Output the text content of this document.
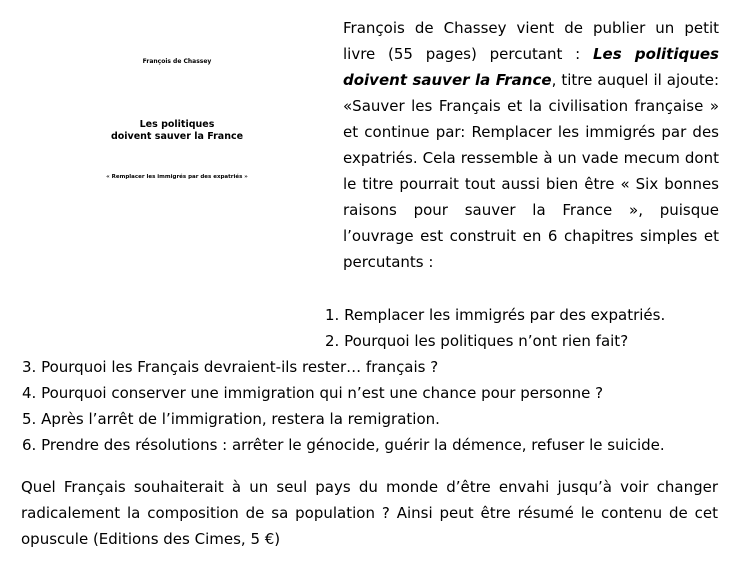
François de Chassey
Les politiques
doivent sauver la France
« Remplacer les immigrés par des expatriés »
François de Chassey vient de publier un petit livre (55 pages) percutant : Les politiques doivent sauver la France, titre auquel il ajoute: «Sauver les Français et la civilisation française » et continue par: Remplacer les immigrés par des expatriés. Cela ressemble à un vade mecum dont le titre pourrait tout aussi bien être « Six bonnes raisons pour sauver la France », puisque l’ouvrage est construit en 6 chapitres simples et percutants :
1. Remplacer les immigrés par des expatriés.
2. Pourquoi les politiques n’ont rien fait?
3. Pourquoi les Français devraient-ils rester… français ?
4. Pourquoi conserver une immigration qui n’est une chance pour personne ?
5. Après l’arrêt de l’immigration, restera la remigration.
6. Prendre des résolutions : arrêter le génocide, guérir la démence, refuser le suicide.
Quel Français souhaiterait à un seul pays du monde d’être envahi jusqu’à voir changer radicalement la composition de sa population ? Ainsi peut être résumé le contenu de cet opuscule (Editions des Cimes, 5 €)
